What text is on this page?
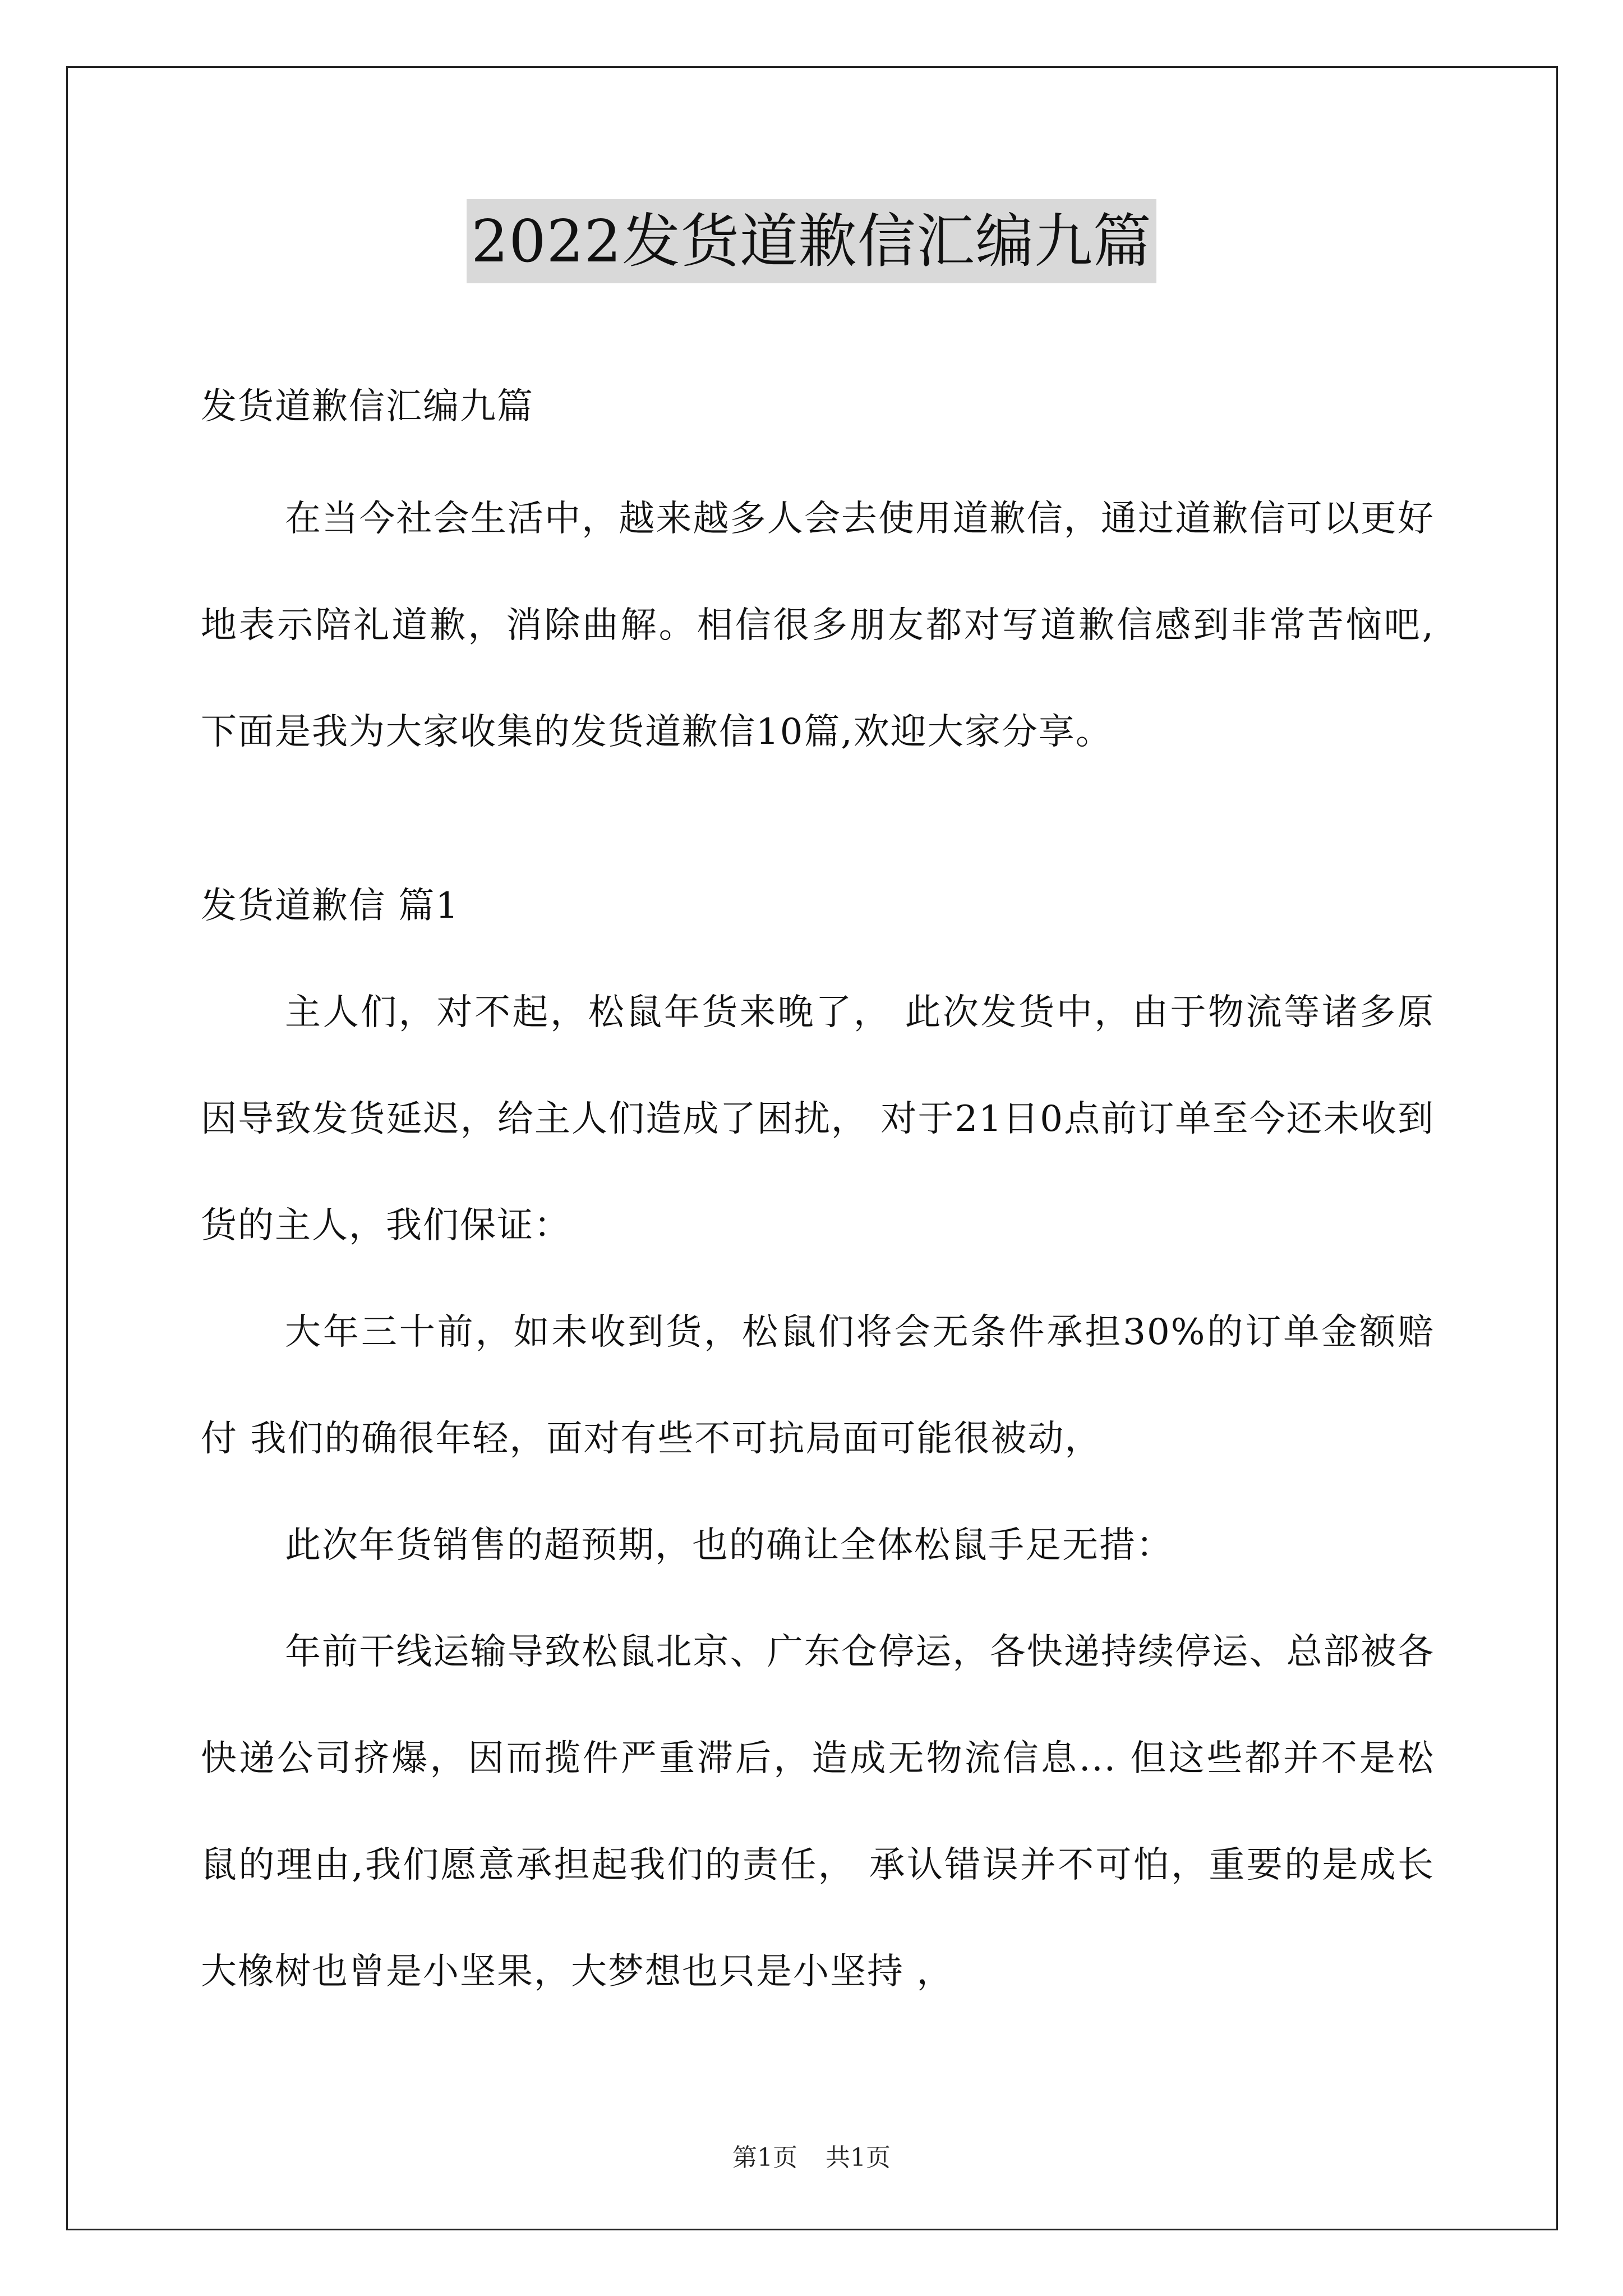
2022发货道歉信汇编九篇

发货道歉信汇编九篇

在当今社会生活中，越来越多人会去使用道歉信，通过道歉信可以更好地表示陪礼道歉，消除曲解。相信很多朋友都对写道歉信感到非常苦恼吧,下面是我为大家收集的发货道歉信10篇,欢迎大家分享。

发货道歉信 篇1

主人们，对不起，松鼠年货来晚了， 此次发货中，由于物流等诸多原因导致发货延迟，给主人们造成了困扰， 对于21日0点前订单至今还未收到货的主人，我们保证：

大年三十前，如未收到货，松鼠们将会无条件承担30%的订单金额赔付 我们的确很年轻，面对有些不可抗局面可能很被动，

此次年货销售的超预期，也的确让全体松鼠手足无措：

年前干线运输导致松鼠北京、广东仓停运，各快递持续停运、总部被各快递公司挤爆，因而揽件严重滞后，造成无物流信息... 但这些都并不是松鼠的理由,我们愿意承担起我们的责任， 承认错误并不可怕，重要的是成长 大橡树也曾是小坚果，大梦想也只是小坚持 ，

第1页 共1页
